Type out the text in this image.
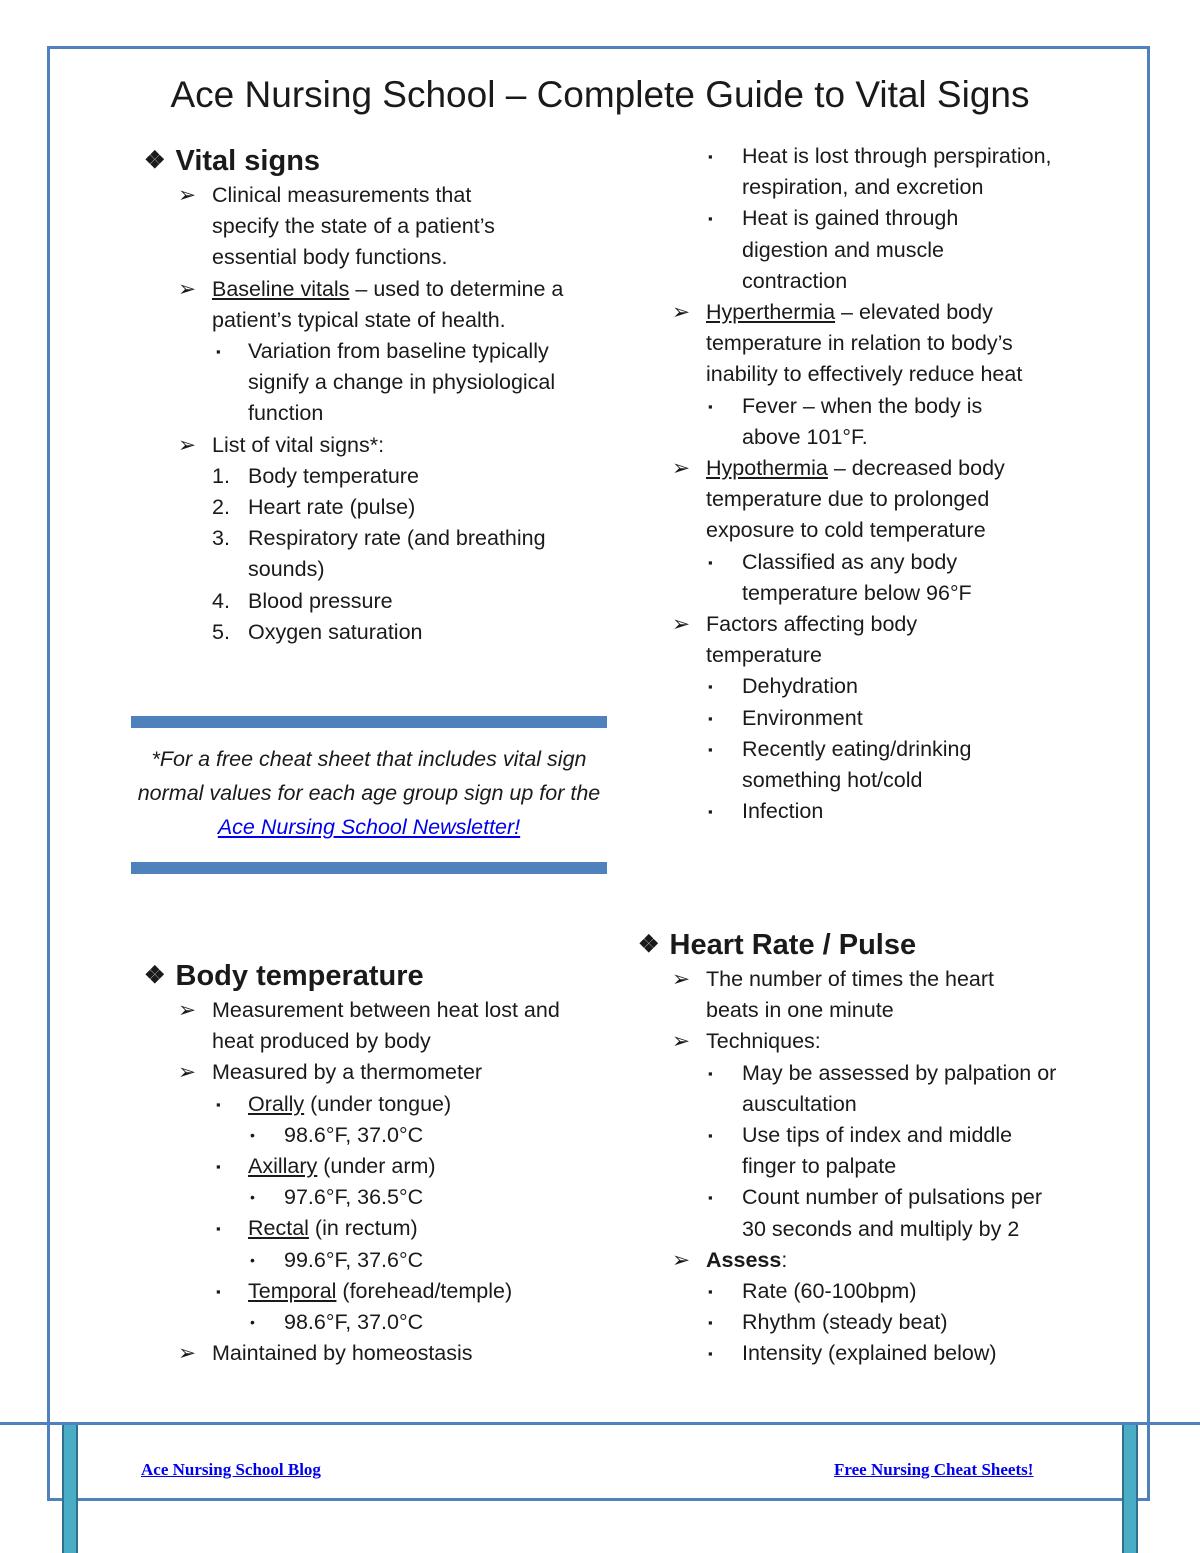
Ace Nursing School – Complete Guide to Vital Signs
❖ Vital signs
➢ Clinical measurements that specify the state of a patient’s essential body functions.
➢ Baseline vitals – used to determine a patient’s typical state of health.
▪ Variation from baseline typically signify a change in physiological function
➢ List of vital signs*:
1. Body temperature
2. Heart rate (pulse)
3. Respiratory rate (and breathing sounds)
4. Blood pressure
5. Oxygen saturation
*For a free cheat sheet that includes vital sign normal values for each age group sign up for the Ace Nursing School Newsletter!
▪ Heat is lost through perspiration, respiration, and excretion
▪ Heat is gained through digestion and muscle contraction
➢ Hyperthermia – elevated body temperature in relation to body’s inability to effectively reduce heat
▪ Fever – when the body is above 101°F.
➢ Hypothermia – decreased body temperature due to prolonged exposure to cold temperature
▪ Classified as any body temperature below 96°F
➢ Factors affecting body temperature
▪ Dehydration
▪ Environment
▪ Recently eating/drinking something hot/cold
▪ Infection
❖ Body temperature
➢ Measurement between heat lost and heat produced by body
➢ Measured by a thermometer
▪ Orally (under tongue)
• 98.6°F, 37.0°C
▪ Axillary (under arm)
• 97.6°F, 36.5°C
▪ Rectal (in rectum)
• 99.6°F, 37.6°C
▪ Temporal (forehead/temple)
• 98.6°F, 37.0°C
➢ Maintained by homeostasis
❖ Heart Rate / Pulse
➢ The number of times the heart beats in one minute
➢ Techniques:
▪ May be assessed by palpation or auscultation
▪ Use tips of index and middle finger to palpate
▪ Count number of pulsations per 30 seconds and multiply by 2
➢ Assess:
▪ Rate (60-100bpm)
▪ Rhythm (steady beat)
▪ Intensity (explained below)
Ace Nursing School Blog	Free Nursing Cheat Sheets!
